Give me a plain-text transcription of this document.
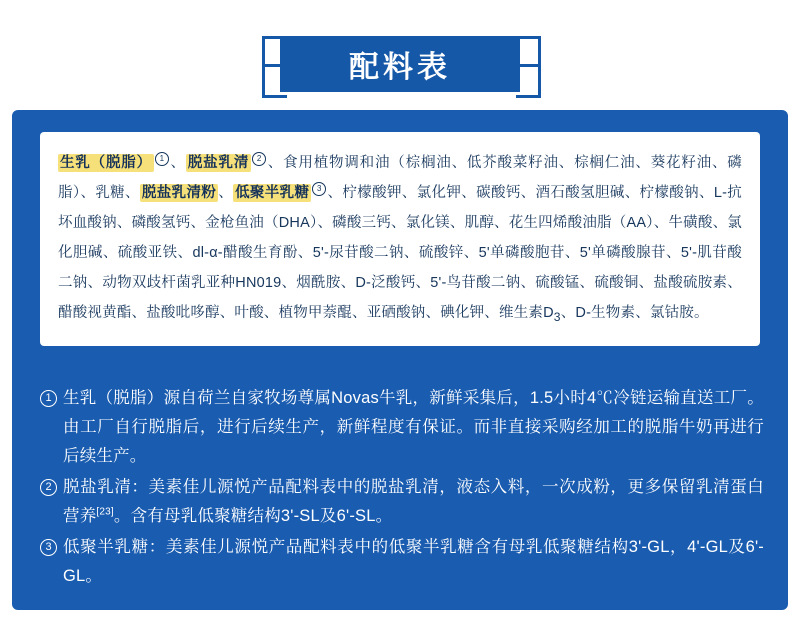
配料表
生乳（脱脂） 1 、 脱盐乳清 2 、食用植物调和油（棕榈油、低芥酸菜籽油、棕榈仁油、葵花籽油、磷脂）、乳糖、 脱盐乳清粉 、 低聚半乳糖 3 、柠檬酸钾、氯化钾、碳酸钙、酒石酸氢胆碱、柠檬酸钠、L-抗坏血酸钠、磷酸氢钙、金枪鱼油（DHA）、磷酸三钙、氯化镁、肌醇、花生四烯酸油脂（AA）、牛磺酸、氯化胆碱、硫酸亚铁、dl-α-醋酸生育酚、5'-尿苷酸二钠、硫酸锌、5'单磷酸胞苷、5'单磷酸腺苷、5'-肌苷酸二钠、动物双歧杆菌乳亚种HN019、烟酰胺、D-泛酸钙、5'-鸟苷酸二钠、硫酸锰、硫酸铜、盐酸硫胺素、醋酸视黄酯、盐酸吡哆醇、叶酸、植物甲萘醌、亚硒酸钠、碘化钾、维生素$D_3$、D-生物素、氯钴胺。
1 生乳（脱脂）源自荷兰自家牧场尊属Novas牛乳，新鲜采集后，1.5小时4℃冷链运输直送工厂。由工厂自行脱脂后，进行后续生产，新鲜程度有保证。而非直接采购经加工的脱脂牛奶再进行后续生产。
2 脱盐乳清：美素佳儿源悦产品配料表中的脱盐乳清，液态入料，一次成粉，更多保留乳清蛋白营养[23]。含有母乳低聚糖结构3'-SL及6'-SL。
3 低聚半乳糖：美素佳儿源悦产品配料表中的低聚半乳糖含有母乳低聚糖结构3'-GL，4'-GL及6'-GL。
